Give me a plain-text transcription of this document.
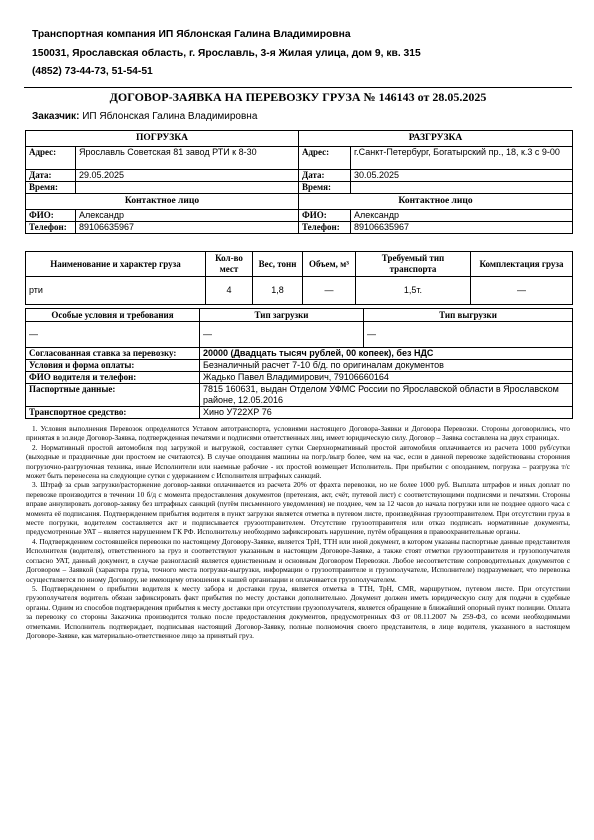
Транспортная компания ИП Яблонская Галина Владимировна
150031, Ярославская область, г. Ярославль, 3-я Жилая улица, дом 9, кв. 315
(4852) 73-44-73, 51-54-51
ДОГОВОР-ЗАЯВКА НА ПЕРЕВОЗКУ ГРУЗА № 146143 от 28.05.2025
Заказчик: ИП Яблонская Галина Владимировна
ПОГРУЗКА		РАЗГРУЗКА	
Адрес:	Ярославль Советская 81 завод РТИ к 8-30	Адрес:	г.Санкт-Петербург, Богатырский пр., 18, к.3 с 9-00
Дата:	29.05.2025	Дата:	30.05.2025
Время:		Время:	
Контактное лицо		Контактное лицо	
ФИО:	Александр	ФИО:	Александр
Телефон:	89106635967	Телефон:	89106635967
Наименование и характер груза	Кол-во мест	Вес, тонн	Объем, м³	Требуемый тип транспорта	Комплектация груза
рти	4	1,8	—	1,5т.	—
Особые условия и требования	Тип загрузки	Тип выгрузки
—	—	—
Согласованная ставка за перевозку:	20000 (Двадцать тысяч рублей, 00 копеек), без НДС
Условия и форма оплаты:	Безналичный расчет 7-10 б/д. по оригиналам документов
ФИО водителя и телефон:	Жадько Павел Владимирович, 79106660164
Паспортные данные:	7815 160631, выдан Отделом УФМС России по Ярославской области в Ярославском районе, 12.05.2016
Транспортное средство:	Хино У722ХР 76

1. Условия выполнения Перевозок определяются Уставом автотранспорта, условиями настоящего Договора-Заявки и Договора Перевозки. Стороны договорились, что принятая в эл.виде Договор-Заявка, подтвержденная печатями и подписями ответственных лиц, имеет юридическую силу. Договор – Заявка составлена на двух страницах.

2. Нормативный простой автомобиля под загрузкой и выгрузкой, составляет сутки Сверхнормативный простой автомобиля оплачивается из расчета 1000 руб/сутки (выходные и праздничные дни простоем не считаются). В случае опоздания машины на погр./выгр более, чем на час, если в данной перевозке задействованы сторонния погрузочно-разгрузочная техника, иные Исполнители или наемные рабочие - их простой возмещает Исполнитель. При прибытии с опозданием, погрузка – разгрузка т/с может быть перенесена на следующие сутки с удержанием с Исполнителя штрафных санкций.

3. Штраф за срыв загрузки/расторжение договор-заявки оплачивается из расчета 20% от фрахта перевозки, но не более 1000 руб. Выплата штрафов и иных доплат по перевозке производится в течении 10 б/д с момента предоставления документов (претензия, акт, счёт, путевой лист) с соответствующими подписями и печатями. Стороны вправе аннулировать договор-заявку без штрафных санкций (путём письменного уведомления) не позднее, чем за 12 часов до начала погрузки или не позднее одного часа с момента её подписания. Подтверждением прибытия водителя в пункт загрузки является отметка в путевом листе, произведённая грузоотправителем. При отсутствии груза в месте погрузки, водителем составляется акт и подписывается грузоотправителем. Отсутствие грузоотправителя или отказ подписать нормативные документы, предусмотренные УАТ – является нарушением ГК РФ. Исполнительу необходимо зафиксировать нарушение, путём обращения в правоохранительные органы.

4. Подтверждением состоявшейся перевозки по настоящему Договору-Заявке, является ТрН, ТТН или иной документ, в котором указаны паспортные данные представителя Исполнителя (водителя), ответственного за груз и соответствуют указанным в настоящем Договоре-Заявке, а также стоят отметки грузоотправителя и грузополучателя согласно УАТ, данный документ, в случае разногласий является единственным и основным Договором Перевозки. Любое несоответствие сопроводительных документов с Договором – Заявкой (характера груза, точного места погрузки-выгрузки, информации о грузоотправителе и грузополучателе, Исполнителе) подразумевает, что перевозка осуществляется по иному Договору, не имеющему отношения к нашей организации и оплачивается грузополучателем.

5. Подтверждением о прибытии водителя к месту забора и доставки груза, является отметка в ТТН, ТрН, CMR, маршрутном, путевом листе. При отсутствии грузополучателя водитель обязан зафиксировать факт прибытия по месту доставки дополнительно. Документ должен иметь юридическую силу для подачи в судебные органы. Одним из способов подтверждения прибытия к месту доставки при отсутствии грузополучателя, является обращение в ближайший опорный пункт полиции. Оплата за перевозку со стороны Заказчика производится только после предоставления документов, предусмотренных ФЗ от 08.11.2007 № 259-ФЗ, со всеми необходимыми отметками. Исполнитель подтверждает, подписывая настоящий Договор-Заявку, полные полномочия своего представителя, в лице водителя, указанного в настоящем Договоре-Заявке, как материально-ответственное лицо за принятый груз.
